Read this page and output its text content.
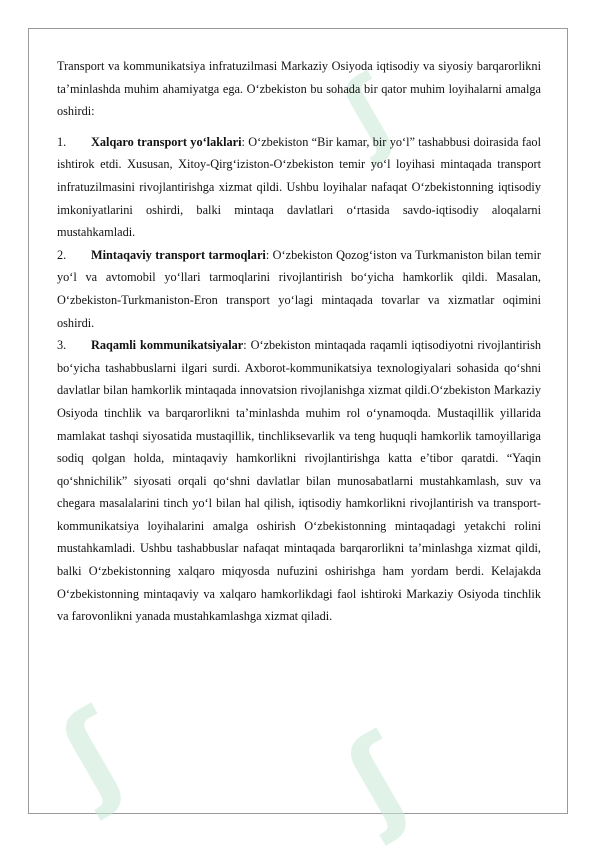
ʃ
ʃ ʃ

Transport va kommunikatsiya infratuzilmasi Markaziy Osiyoda iqtisodiy va siyosiy barqarorlikni ta’minlashda muhim ahamiyatga ega. O‘zbekiston bu sohada bir qator muhim loyihalarni amalga oshirdi:

1. Xalqaro transport yo‘laklari: O‘zbekiston “Bir kamar, bir yo‘l” tashabbusi doirasida faol ishtirok etdi. Xususan, Xitoy-Qirg‘iziston-O‘zbekiston temir yo‘l loyihasi mintaqada transport infratuzilmasini rivojlantirishga xizmat qildi. Ushbu loyihalar nafaqat O‘zbekistonning iqtisodiy imkoniyatlarini oshirdi, balki mintaqa davlatlari o‘rtasida savdo-iqtisodiy aloqalarni mustahkamladi.

2. Mintaqaviy transport tarmoqlari: O‘zbekiston Qozog‘iston va Turkmaniston bilan temir yo‘l va avtomobil yo‘llari tarmoqlarini rivojlantirish bo‘yicha hamkorlik qildi. Masalan, O‘zbekiston-Turkmaniston-Eron transport yo‘lagi mintaqada tovarlar va xizmatlar oqimini oshirdi.

3. Raqamli kommunikatsiyalar: O‘zbekiston mintaqada raqamli iqtisodiyotni rivojlantirish bo‘yicha tashabbuslarni ilgari surdi. Axborot-kommunikatsiya texnologiyalari sohasida qo‘shni davlatlar bilan hamkorlik mintaqada innovatsion rivojlanishga xizmat qildi.O‘zbekiston Markaziy Osiyoda tinchlik va barqarorlikni ta’minlashda muhim rol o‘ynamoqda. Mustaqillik yillarida mamlakat tashqi siyosatida mustaqillik, tinchliksevarlik va teng huquqli hamkorlik tamoyillariga sodiq qolgan holda, mintaqaviy hamkorlikni rivojlantirishga katta e’tibor qaratdi. “Yaqin qo‘shnichilik” siyosati orqali qo‘shni davlatlar bilan munosabatlarni mustahkamlash, suv va chegara masalalarini tinch yo‘l bilan hal qilish, iqtisodiy hamkorlikni rivojlantirish va transport-kommunikatsiya loyihalarini amalga oshirish O‘zbekistonning mintaqadagi yetakchi rolini mustahkamladi. Ushbu tashabbuslar nafaqat mintaqada barqarorlikni ta’minlashga xizmat qildi, balki O‘zbekistonning xalqaro miqyosda nufuzini oshirishga ham yordam berdi. Kelajakda O‘zbekistonning mintaqaviy va xalqaro hamkorlikdagi faol ishtiroki Markaziy Osiyoda tinchlik va farovonlikni yanada mustahkamlashga xizmat qiladi.
